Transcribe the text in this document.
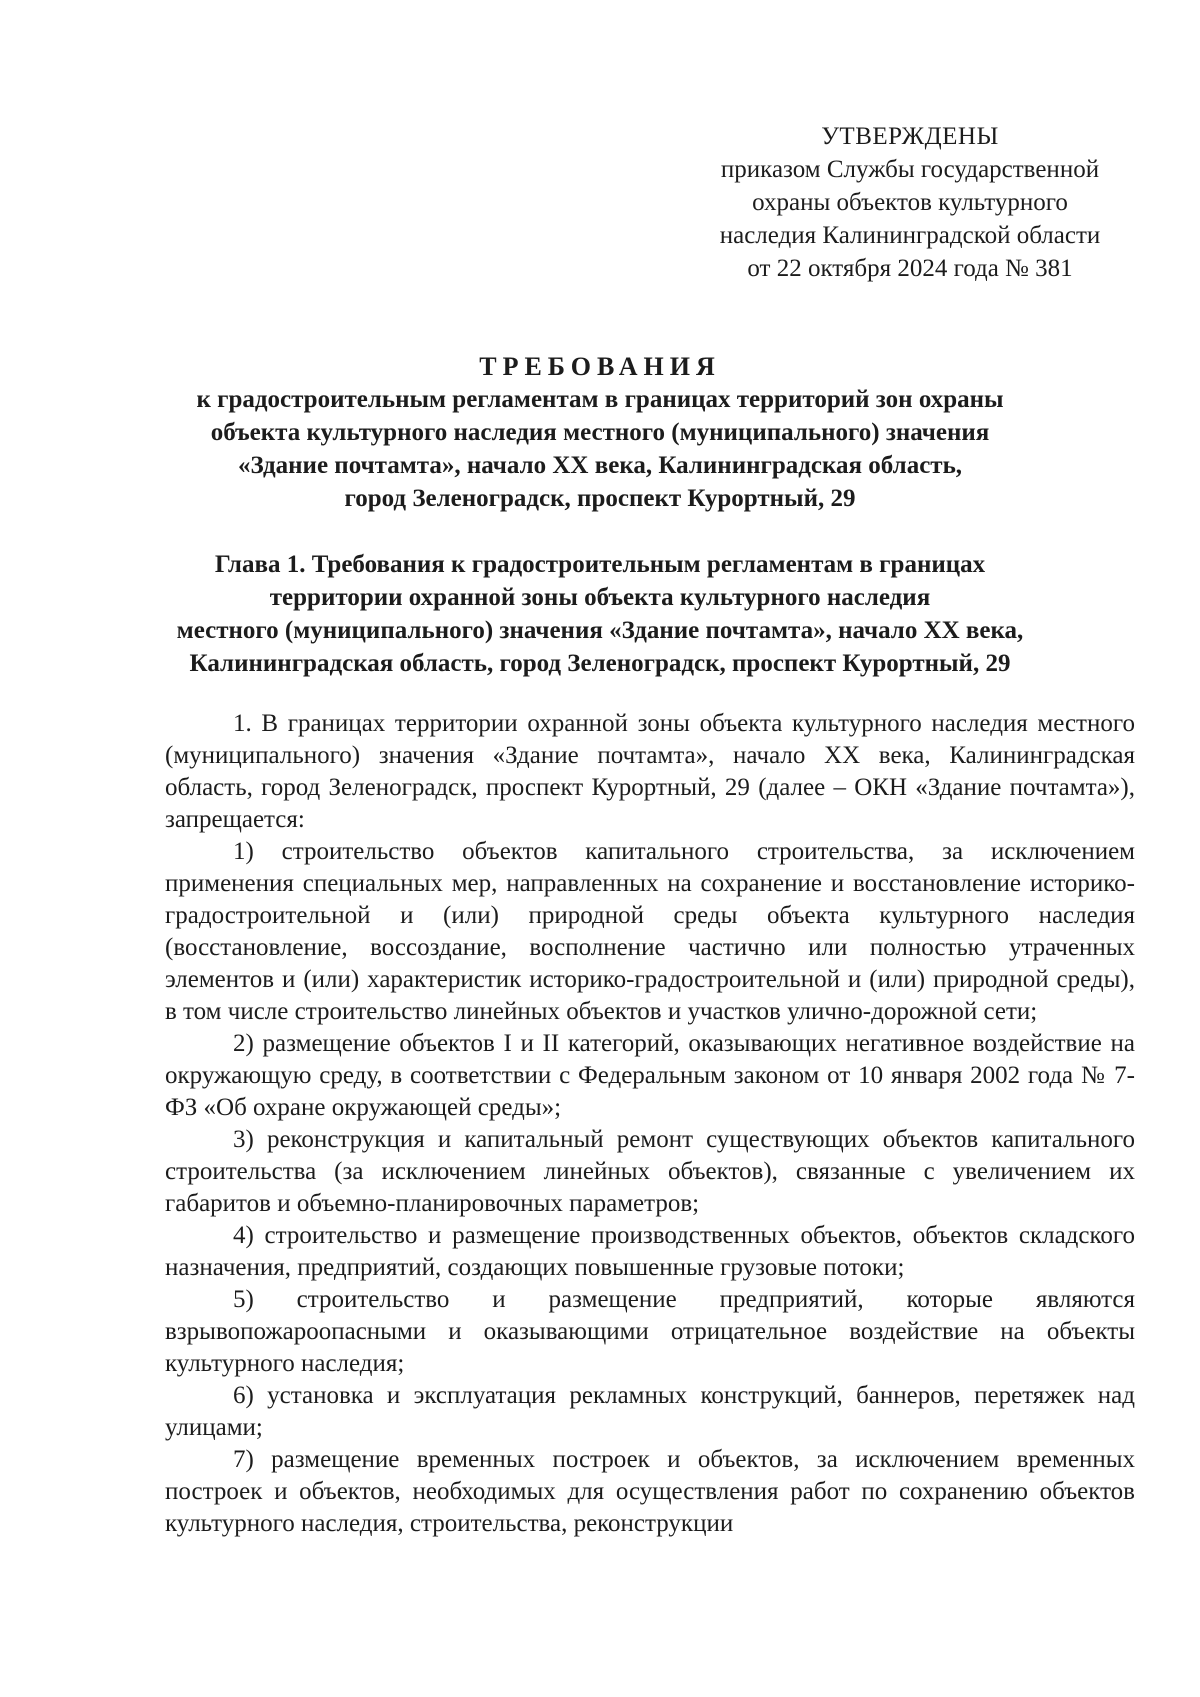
УТВЕРЖДЕНЫ
приказом Службы государственной
охраны объектов культурного
наследия Калининградской области
от 22 октября 2024 года № 381
ТРЕБОВАНИЯ
к градостроительным регламентам в границах территорий зон охраны
объекта культурного наследия местного (муниципального) значения
«Здание почтамта», начало XX века, Калининградская область,
город Зеленоградск, проспект Курортный, 29
Глава 1. Требования к градостроительным регламентам в границах
территории охранной зоны объекта культурного наследия
местного (муниципального) значения «Здание почтамта», начало XX века,
Калининградская область, город Зеленоградск, проспект Курортный, 29

1. В границах территории охранной зоны объекта культурного наследия местного (муниципального) значения «Здание почтамта», начало XX века, Калининградская область, город Зеленоградск, проспект Курортный, 29 (далее – ОКН «Здание почтамта»), запрещается:

1) строительство объектов капитального строительства, за исключением применения специальных мер, направленных на сохранение и восстановление историко-градостроительной и (или) природной среды объекта культурного наследия (восстановление, воссоздание, восполнение частично или полностью утраченных элементов и (или) характеристик историко-градостроительной и (или) природной среды), в том числе строительство линейных объектов и участков улично-дорожной сети;

2) размещение объектов I и II категорий, оказывающих негативное воздействие на окружающую среду, в соответствии с Федеральным законом от 10 января 2002 года № 7-ФЗ «Об охране окружающей среды»;

3) реконструкция и капитальный ремонт существующих объектов капитального строительства (за исключением линейных объектов), связанные с увеличением их габаритов и объемно-планировочных параметров;

4) строительство и размещение производственных объектов, объектов складского назначения, предприятий, создающих повышенные грузовые потоки;

5) строительство и размещение предприятий, которые являются взрывопожароопасными и оказывающими отрицательное воздействие на объекты культурного наследия;

6) установка и эксплуатация рекламных конструкций, баннеров, перетяжек над улицами;

7) размещение временных построек и объектов, за исключением временных построек и объектов, необходимых для осуществления работ по сохранению объектов культурного наследия, строительства, реконструкции
